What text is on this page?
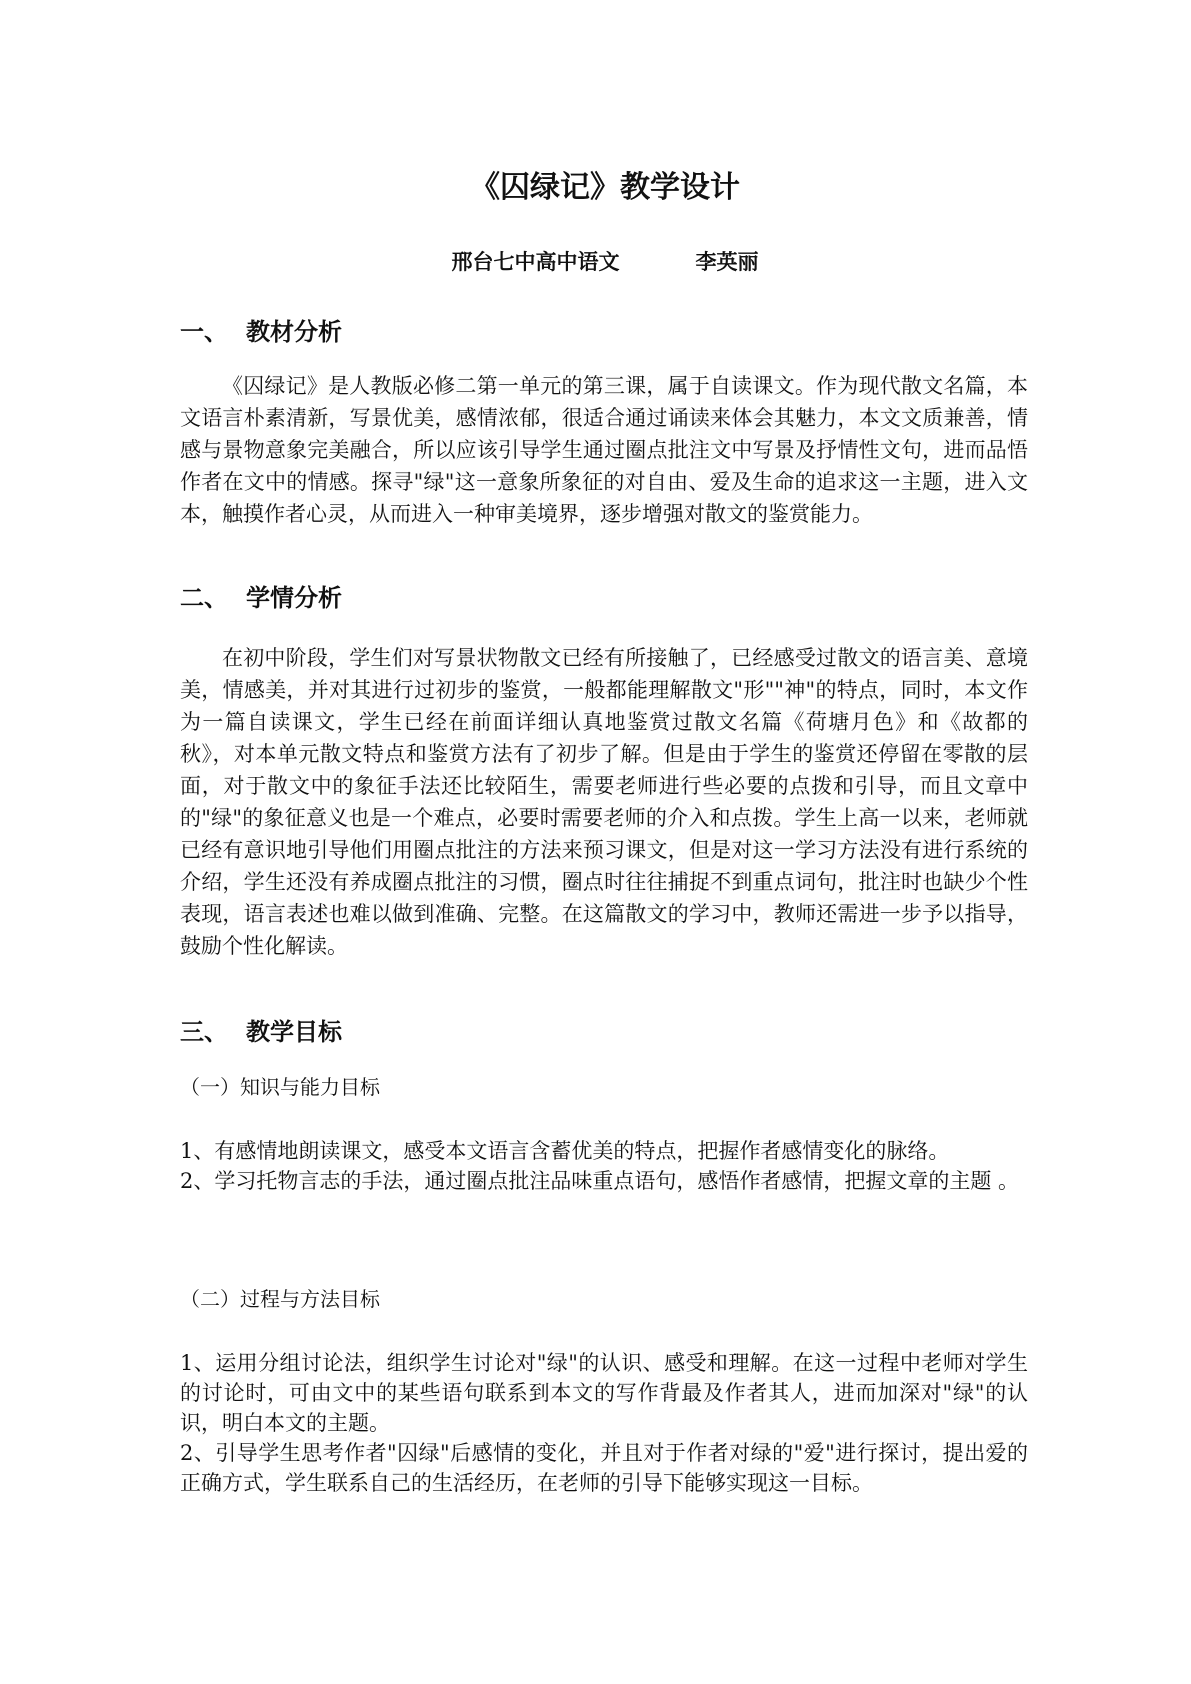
《囚绿记》教学设计
邢台七中高中语文	李英丽
一、 教材分析

《囚绿记》是人教版必修二第一单元的第三课，属于自读课文。作为现代散文名篇，本文语言朴素清新，写景优美，感情浓郁，很适合通过诵读来体会其魅力，本文文质兼善，情感与景物意象完美融合，所以应该引导学生通过圈点批注文中写景及抒情性文句，进而品悟作者在文中的情感。探寻"绿"这一意象所象征的对自由、爱及生命的追求这一主题，进入文本，触摸作者心灵，从而进入一种审美境界，逐步增强对散文的鉴赏能力。

二、 学情分析

在初中阶段，学生们对写景状物散文已经有所接触了，已经感受过散文的语言美、意境美，情感美，并对其进行过初步的鉴赏，一般都能理解散文"形""神"的特点，同时，本文作为一篇自读课文，学生已经在前面详细认真地鉴赏过散文名篇《荷塘月色》和《故都的秋》，对本单元散文特点和鉴赏方法有了初步了解。但是由于学生的鉴赏还停留在零散的层面，对于散文中的象征手法还比较陌生，需要老师进行些必要的点拨和引导，而且文章中的"绿"的象征意义也是一个难点，必要时需要老师的介入和点拨。学生上高一以来，老师就已经有意识地引导他们用圈点批注的方法来预习课文，但是对这一学习方法没有进行系统的介绍，学生还没有养成圈点批注的习惯，圈点时往往捕捉不到重点词句，批注时也缺少个性表现，语言表述也难以做到准确、完整。在这篇散文的学习中，教师还需进一步予以指导，鼓励个性化解读。

三、 教学目标
（一）知识与能力目标
1、有感情地朗读课文，感受本文语言含蓄优美的特点，把握作者感情变化的脉络。
2、学习托物言志的手法，通过圈点批注品味重点语句，感悟作者感情，把握文章的主题 。
（二）过程与方法目标
1、运用分组讨论法，组织学生讨论对"绿"的认识、感受和理解。在这一过程中老师对学生的讨论时，可由文中的某些语句联系到本文的写作背最及作者其人，进而加深对"绿"的认识，明白本文的主题。
2、引导学生思考作者"囚绿"后感情的变化，并且对于作者对绿的"爱"进行探讨，提出爱的正确方式，学生联系自己的生活经历，在老师的引导下能够实现这一目标。
